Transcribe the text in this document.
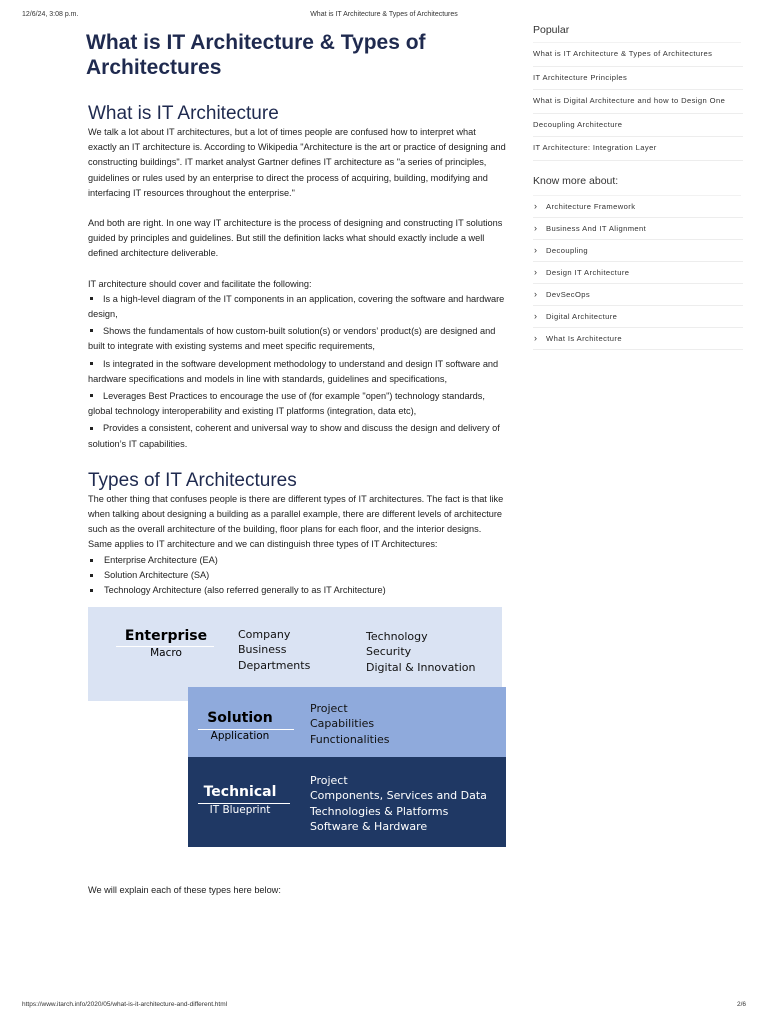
12/6/24, 3:08 p.m.	What is IT Architecture & Types of Architectures
What is IT Architecture & Types of Architectures
What is IT Architecture

We talk a lot about IT architectures, but a lot of times people are confused how to interpret what exactly an IT architecture is. According to Wikipedia "Architecture is the art or practice of designing and constructing buildings". IT market analyst Gartner defines IT architecture as "a series of principles, guidelines or rules used by an enterprise to direct the process of acquiring, building, modifying and interfacing IT resources throughout the enterprise."

And both are right. In one way IT architecture is the process of designing and constructing IT solutions guided by principles and guidelines. But still the definition lacks what should exactly include a well defined architecture deliverable.

IT architecture should cover and facilitate the following:

Is a high-level diagram of the IT components in an application, covering the software and hardware design,
Shows the fundamentals of how custom-built solution(s) or vendors’ product(s) are designed and built to integrate with existing systems and meet specific requirements,
Is integrated in the software development methodology to understand and design IT software and hardware specifications and models in line with standards, guidelines and specifications,
Leverages Best Practices to encourage the use of (for example "open") technology standards, global technology interoperability and existing IT platforms (integration, data etc),
Provides a consistent, coherent and universal way to show and discuss the design and delivery of solution’s IT capabilities.
Types of IT Architectures

The other thing that confuses people is there are different types of IT architectures. The fact is that like when talking about designing a building as a parallel example, there are different levels of architecture such as the overall architecture of the building, floor plans for each floor, and the interior designs. Same applies to IT architecture and we can distinguish three types of IT Architectures:

Enterprise Architecture (EA)
Solution Architecture (SA)
Technology Architecture (also referred generally to as IT Architecture)
Enterprise
Macro
Company
Business
Departments
Technology
Security
Digital & Innovation
Solution
Application
Project
Capabilities
Functionalities
Technical
IT Blueprint
Project
Components, Services and Data
Technologies & Platforms
Software & Hardware

We will explain each of these types here below:

Popular
What is IT Architecture & Types of Architectures
IT Architecture Principles
What is Digital Architecture and how to Design One
Decoupling Architecture
IT Architecture: Integration Layer
Know more about:
› Architecture Framework
› Business And IT Alignment
› Decoupling
› Design IT Architecture
› DevSecOps
› Digital Architecture
› What Is Architecture
https://www.itarch.info/2020/05/what-is-it-architecture-and-different.html	2/6
